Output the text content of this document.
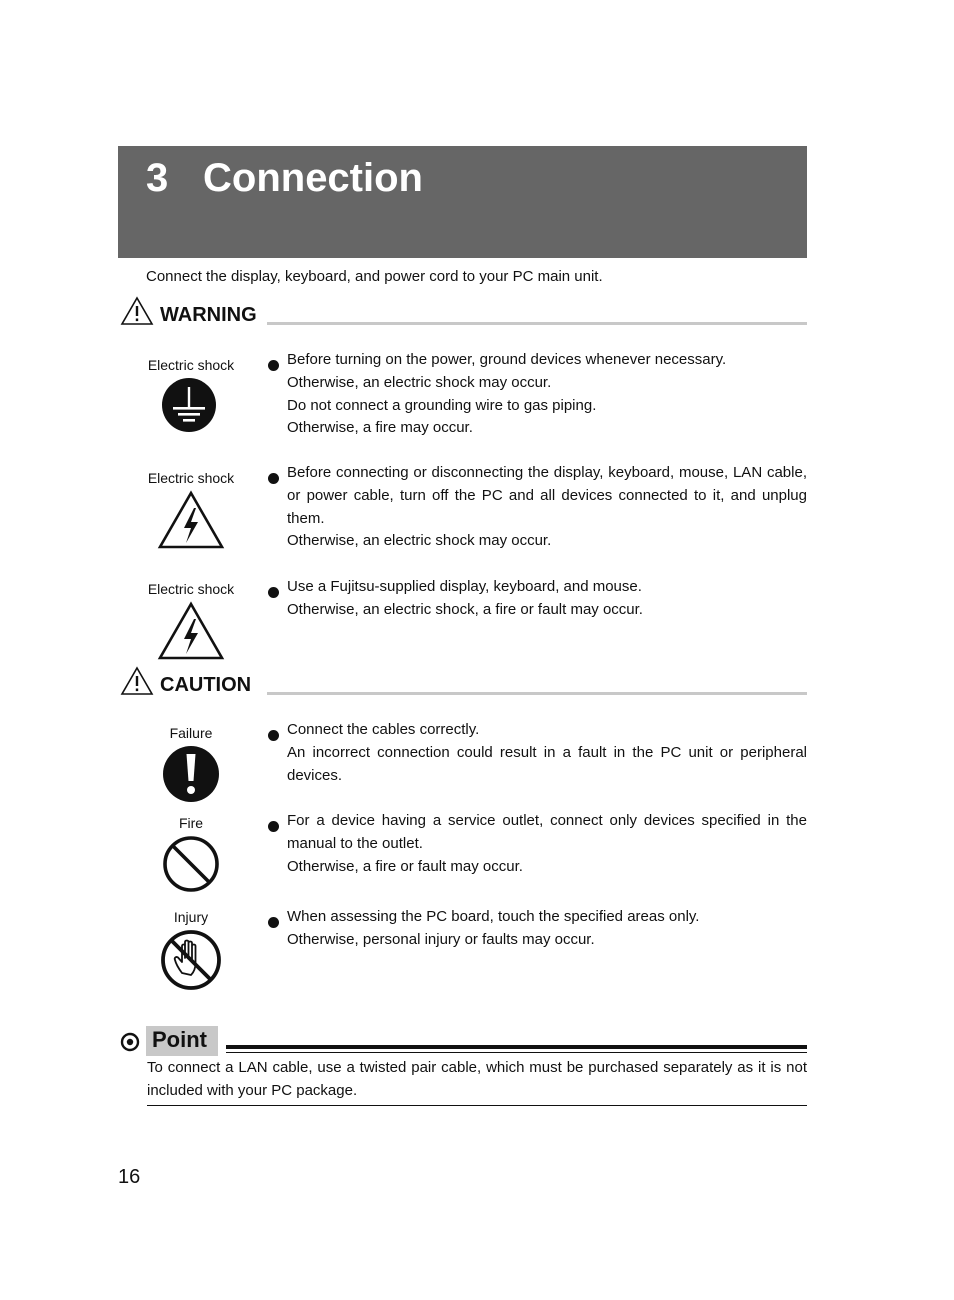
3 Connection
Connect the display, keyboard, and power cord to your PC main unit.
WARNING
Electric shock	Before turning on the power, ground devices whenever necessary.

Otherwise, an electric shock may occur.

Do not connect a grounding wire to gas piping.

Otherwise, a fire may occur.

Electric shock	Before connecting or disconnecting the display, keyboard, mouse, LAN cable, or power cable, turn off the PC and all devices connected to it, and unplug them.

Otherwise, an electric shock may occur.

Electric shock	Use a Fujitsu-supplied display, keyboard, and mouse.

Otherwise, an electric shock, a fire or fault may occur.

CAUTION
Failure	Connect the cables correctly.

An incorrect connection could result in a fault in the PC unit or peripheral devices.

Fire	For a device having a service outlet, connect only devices specified in the manual to the outlet.

Otherwise, a fire or fault may occur.

Injury	When assessing the PC board, touch the specified areas only.

Otherwise, personal injury or faults may occur.

Point
To connect a LAN cable, use a twisted pair cable, which must be purchased separately as it is not included with your PC package.
16
